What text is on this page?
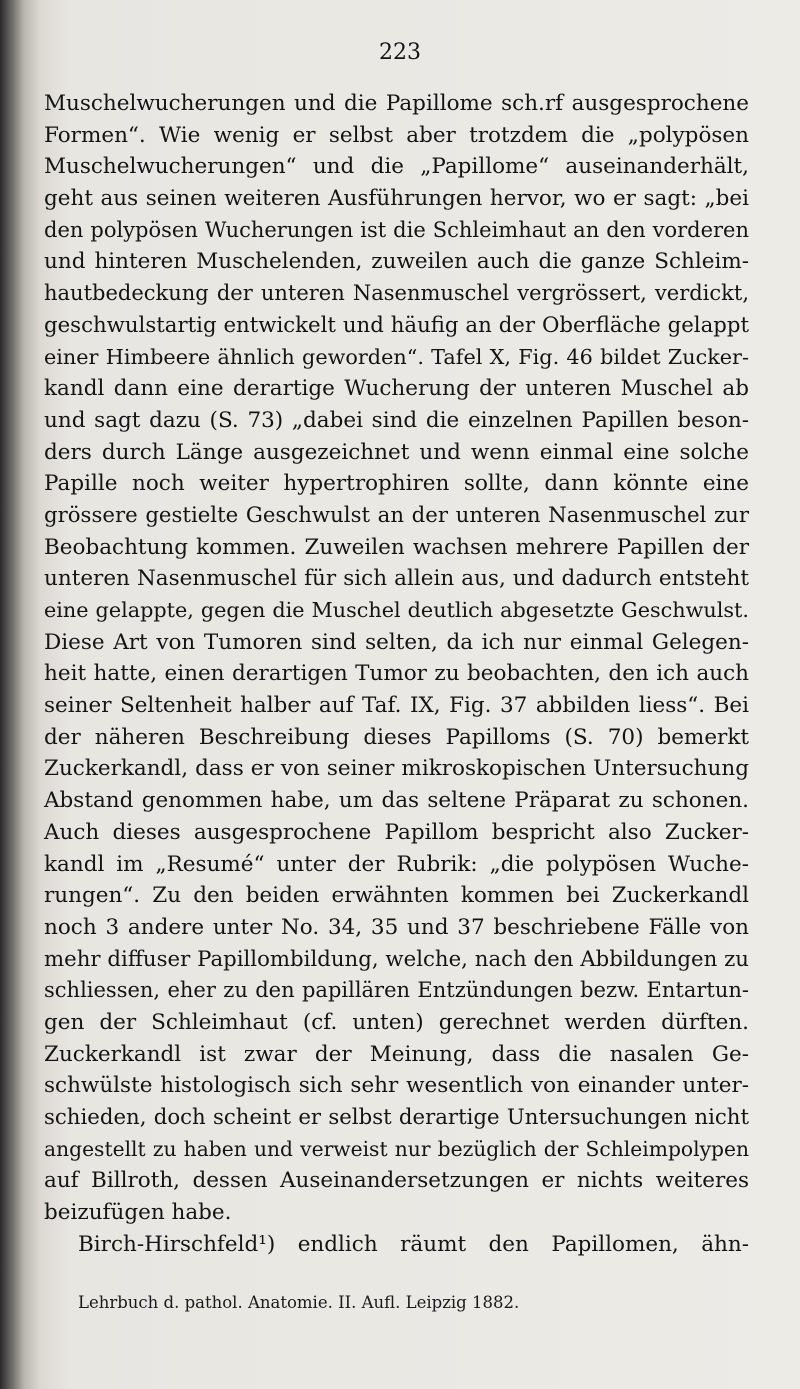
223
Muschelwucherungen und die Papillome sch.rf ausgesprochene
Formen“. Wie wenig er selbst aber trotzdem die „polypösen
Muschelwucherungen“ und die „Papillome“ auseinanderhält,
geht aus seinen weiteren Ausführungen hervor, wo er sagt: „bei
den polypösen Wucherungen ist die Schleimhaut an den vorderen
und hinteren Muschelenden, zuweilen auch die ganze Schleim-
hautbedeckung der unteren Nasenmuschel vergrössert, verdickt,
geschwulstartig entwickelt und häufig an der Oberfläche gelappt
einer Himbeere ähnlich geworden“. Tafel X, Fig. 46 bildet Zucker-
kandl dann eine derartige Wucherung der unteren Muschel ab
und sagt dazu (S. 73) „dabei sind die einzelnen Papillen beson-
ders durch Länge ausgezeichnet und wenn einmal eine solche
Papille noch weiter hypertrophiren sollte, dann könnte eine
grössere gestielte Geschwulst an der unteren Nasenmuschel zur
Beobachtung kommen. Zuweilen wachsen mehrere Papillen der
unteren Nasenmuschel für sich allein aus, und dadurch entsteht
eine gelappte, gegen die Muschel deutlich abgesetzte Geschwulst.
Diese Art von Tumoren sind selten, da ich nur einmal Gelegen-
heit hatte, einen derartigen Tumor zu beobachten, den ich auch
seiner Seltenheit halber auf Taf. IX, Fig. 37 abbilden liess“. Bei
der näheren Beschreibung dieses Papilloms (S. 70) bemerkt
Zuckerkandl, dass er von seiner mikroskopischen Untersuchung
Abstand genommen habe, um das seltene Präparat zu schonen.
Auch dieses ausgesprochene Papillom bespricht also Zucker-
kandl im „Resumé“ unter der Rubrik: „die polypösen Wuche-
rungen“. Zu den beiden erwähnten kommen bei Zuckerkandl
noch 3 andere unter No. 34, 35 und 37 beschriebene Fälle von
mehr diffuser Papillombildung, welche, nach den Abbildungen zu
schliessen, eher zu den papillären Entzündungen bezw. Entartun-
gen der Schleimhaut (cf. unten) gerechnet werden dürften.
Zuckerkandl ist zwar der Meinung, dass die nasalen Ge-
schwülste histologisch sich sehr wesentlich von einander unter-
schieden, doch scheint er selbst derartige Untersuchungen nicht
angestellt zu haben und verweist nur bezüglich der Schleimpolypen
auf Billroth, dessen Auseinandersetzungen er nichts weiteres
beizufügen habe.
Birch-Hirschfeld¹) endlich räumt den Papillomen, ähn-
Lehrbuch d. pathol. Anatomie. II. Aufl. Leipzig 1882.
